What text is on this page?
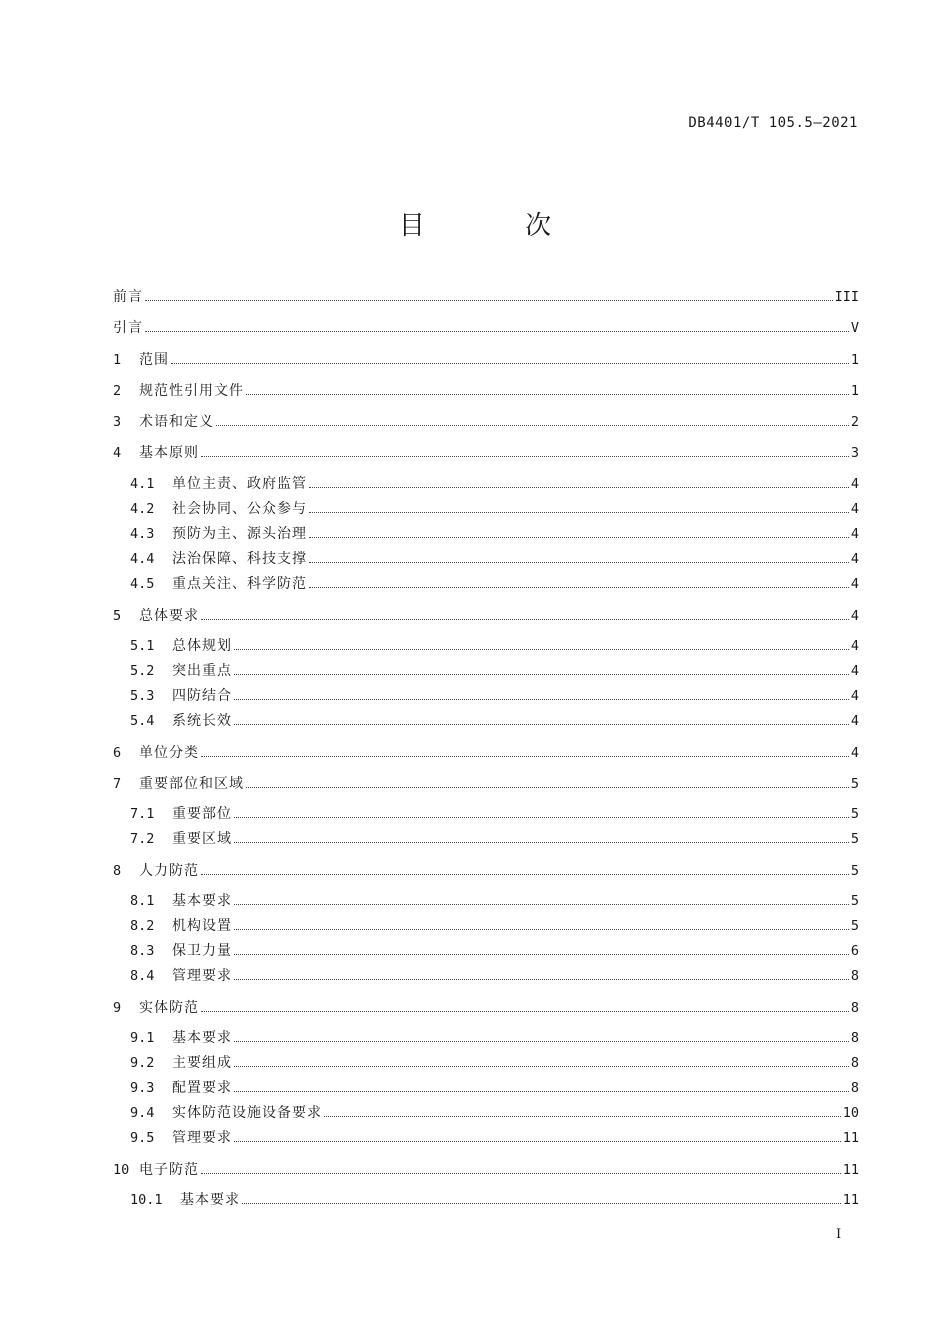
DB4401/T 105.5—2021
目 次
前言	III
引言	V
1	范围	1
2	规范性引用文件	1
3	术语和定义	2
4	基本原则	3
4.1	单位主责、政府监管	4
4.2	社会协同、公众参与	4
4.3	预防为主、源头治理	4
4.4	法治保障、科技支撑	4
4.5	重点关注、科学防范	4
5	总体要求	4
5.1	总体规划	4
5.2	突出重点	4
5.3	四防结合	4
5.4	系统长效	4
6	单位分类	4
7	重要部位和区域	5
7.1	重要部位	5
7.2	重要区域	5
8	人力防范	5
8.1	基本要求	5
8.2	机构设置	5
8.3	保卫力量	6
8.4	管理要求	8
9	实体防范	8
9.1	基本要求	8
9.2	主要组成	8
9.3	配置要求	8
9.4	实体防范设施设备要求	10
9.5	管理要求	11
10 电子防范	11
10.1	基本要求	11
I
